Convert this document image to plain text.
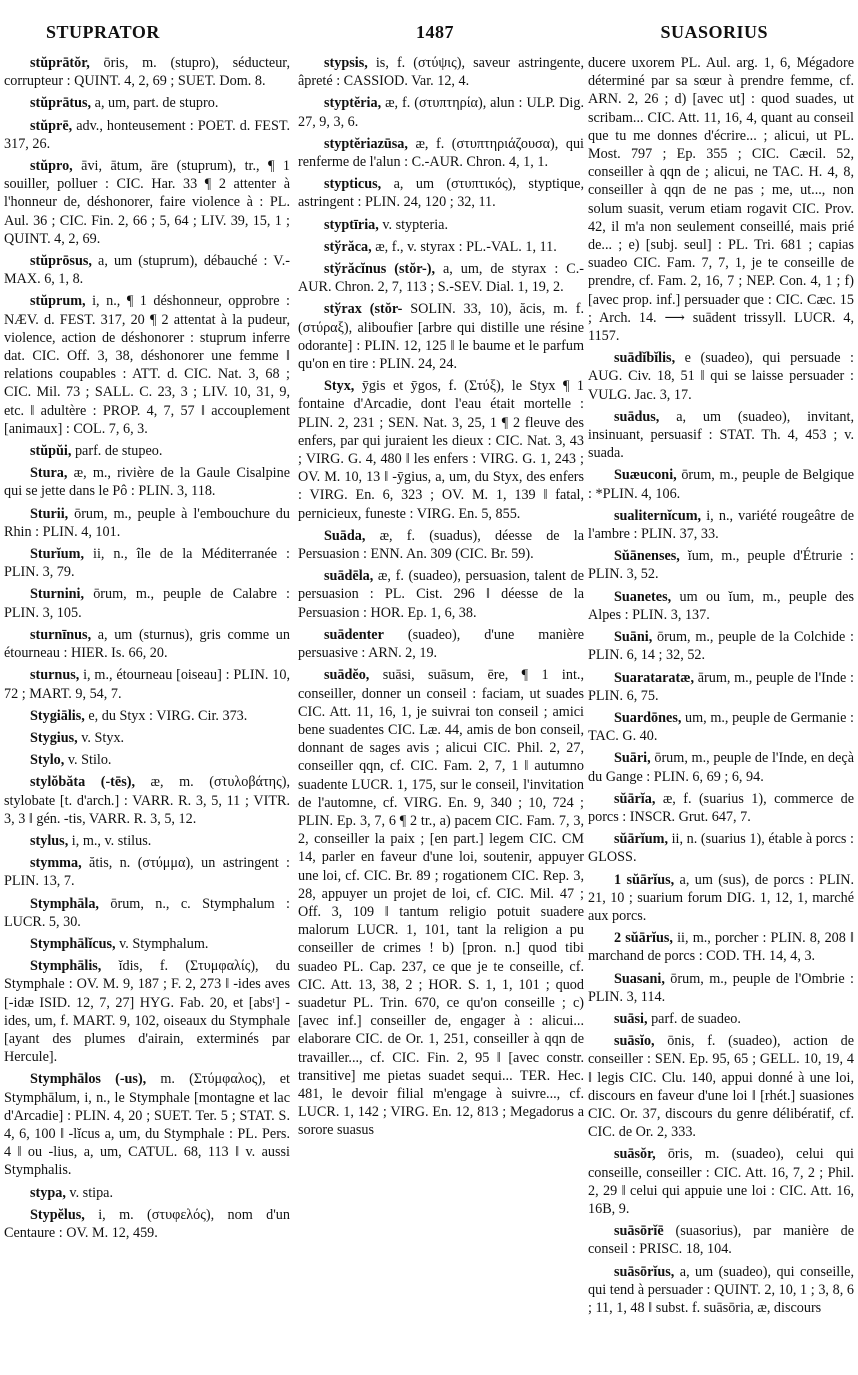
STUPRATOR	1487	SUASORIUS

stŭprātŏr, ōris, m. (stupro), séducteur, corrupteur : QUINT. 4, 2, 69 ; SUET. Dom. 8.

stŭprātus, a, um, part. de stupro.

stŭprē, adv., honteusement : POET. d. FEST. 317, 26.

stŭpro, āvi, ātum, āre (stuprum), tr., ¶ 1 souiller, polluer : CIC. Har. 33 ¶ 2 attenter à l'honneur de, déshonorer, faire violence à : PL. Aul. 36 ; CIC. Fin. 2, 66 ; 5, 64 ; LIV. 39, 15, 1 ; QUINT. 4, 2, 69.

stŭprōsus, a, um (stuprum), débauché : V.-MAX. 6, 1, 8.

stŭprum, i, n., ¶ 1 déshonneur, opprobre : NÆV. d. FEST. 317, 20 ¶ 2 attentat à la pudeur, violence, action de déshonorer : stuprum inferre dat. CIC. Off. 3, 38, déshonorer une femme ‖ relations coupables : ATT. d. CIC. Nat. 3, 68 ; CIC. Mil. 73 ; SALL. C. 23, 3 ; LIV. 10, 31, 9, etc. ‖ adultère : PROP. 4, 7, 57 ‖ accouplement [animaux] : COL. 7, 6, 3.

stŭpŭi, parf. de stupeo.

Stura, æ, m., rivière de la Gaule Cisalpine qui se jette dans le Pô : PLIN. 3, 118.

Sturii, ōrum, m., peuple à l'embouchure du Rhin : PLIN. 4, 101.

Sturĭum, ii, n., île de la Méditerranée : PLIN. 3, 79.

Sturnini, ōrum, m., peuple de Calabre : PLIN. 3, 105.

sturnīnus, a, um (sturnus), gris comme un étourneau : HIER. Is. 66, 20.

sturnus, i, m., étourneau [oiseau] : PLIN. 10, 72 ; MART. 9, 54, 7.

Stygiālis, e, du Styx : VIRG. Cir. 373.

Stygius, v. Styx.

Stylo, v. Stilo.

stylŏbăta (-tēs), æ, m. (στυλοβάτης), stylobate [t. d'arch.] : VARR. R. 3, 5, 11 ; VITR. 3, 3 ‖ gén. -tis, VARR. R. 3, 5, 12.

stylus, i, m., v. stilus.

stymma, ătis, n. (στύμμα), un astringent : PLIN. 13, 7.

Stymphāla, ōrum, n., c. Stymphalum : LUCR. 5, 30.

Stymphālĭcus, v. Stymphalum.

Stymphālis, ĭdis, f. (Στυμφαλίς), du Stymphale : OV. M. 9, 187 ; F. 2, 273 ‖ -ides aves [-idæ ISID. 12, 7, 27] HYG. Fab. 20, et [absᵗ] -ides, um, f. MART. 9, 102, oiseaux du Stymphale [ayant des plumes d'airain, exterminés par Hercule].

Stymphālos (-us), m. (Στύμφαλος), et Stymphālum, i, n., le Stymphale [montagne et lac d'Arcadie] : PLIN. 4, 20 ; SUET. Ter. 5 ; STAT. S. 4, 6, 100 ‖ -lĭcus a, um, du Stymphale : PL. Pers. 4 ‖ ou -lius, a, um, CATUL. 68, 113 ‖ v. aussi Stymphalis.

stypa, v. stipa.

Stypĕlus, i, m. (στυφελός), nom d'un Centaure : OV. M. 12, 459.

stypsis, is, f. (στύψις), saveur astringente, âpreté : CASSIOD. Var. 12, 4.

styptĕria, æ, f. (στυπτηρία), alun : ULP. Dig. 27, 9, 3, 6.

styptĕriazūsa, æ, f. (στυπτηριάζουσα), qui renferme de l'alun : C.-AUR. Chron. 4, 1, 1.

stypticus, a, um (στυπτικός), styptique, astringent : PLIN. 24, 120 ; 32, 11.

styptīria, v. stypteria.

stўrăca, æ, f., v. styrax : PL.-VAL. 1, 11.

stўrăcĭnus (stŏr-), a, um, de styrax : C.-AUR. Chron. 2, 7, 113 ; S.-SEV. Dial. 1, 19, 2.

stўrax (stŏr- SOLIN. 33, 10), ăcis, m. f. (στύραξ), aliboufier [arbre qui distille une résine odorante] : PLIN. 12, 125 ‖ le baume et le parfum qu'on en tire : PLIN. 24, 24.

Styx, ȳgis et ȳgos, f. (Στύξ), le Styx ¶ 1 fontaine d'Arcadie, dont l'eau était mortelle : PLIN. 2, 231 ; SEN. Nat. 3, 25, 1 ¶ 2 fleuve des enfers, par qui juraient les dieux : CIC. Nat. 3, 43 ; VIRG. G. 4, 480 ‖ les enfers : VIRG. G. 1, 243 ; OV. M. 10, 13 ‖ -ȳgius, a, um, du Styx, des enfers : VIRG. En. 6, 323 ; OV. M. 1, 139 ‖ fatal, pernicieux, funeste : VIRG. En. 5, 855.

Suāda, æ, f. (suadus), déesse de la Persuasion : ENN. An. 309 (CIC. Br. 59).

suādēla, æ, f. (suadeo), persuasion, talent de persuasion : PL. Cist. 296 ‖ déesse de la Persuasion : HOR. Ep. 1, 6, 38.

suādenter (suadeo), d'une manière persuasive : ARN. 2, 19.

suādĕo, suāsi, suāsum, ēre, ¶ 1 int., conseiller, donner un conseil : faciam, ut suades CIC. Att. 11, 16, 1, je suivrai ton conseil ; amici bene suadentes CIC. Læ. 44, amis de bon conseil, donnant de sages avis ; alicui CIC. Phil. 2, 27, conseiller qqn, cf. CIC. Fam. 2, 7, 1 ‖ autumno suadente LUCR. 1, 175, sur le conseil, l'invitation de l'automne, cf. VIRG. En. 9, 340 ; 10, 724 ; PLIN. Ep. 3, 7, 6 ¶ 2 tr., a) pacem CIC. Fam. 7, 3, 2, conseiller la paix ; [en part.] legem CIC. CM 14, parler en faveur d'une loi, soutenir, appuyer une loi, cf. CIC. Br. 89 ; rogationem CIC. Rep. 3, 28, appuyer un projet de loi, cf. CIC. Mil. 47 ; Off. 3, 109 ‖ tantum religio potuit suadere malorum LUCR. 1, 101, tant la religion a pu conseiller de crimes ! b) [pron. n.] quod tibi suadeo PL. Cap. 237, ce que je te conseille, cf. CIC. Att. 13, 38, 2 ; HOR. S. 1, 1, 101 ; quod suadetur PL. Trin. 670, ce qu'on conseille ; c) [avec inf.] conseiller de, engager à : alicui... elaborare CIC. de Or. 1, 251, conseiller à qqn de travailler..., cf. CIC. Fin. 2, 95 ‖ [avec constr. transitive] me pietas suadet sequi... TER. Hec. 481, le devoir filial m'engage à suivre..., cf. LUCR. 1, 142 ; VIRG. En. 12, 813 ; Megadorus a sorore suasus

ducere uxorem PL. Aul. arg. 1, 6, Mégadore déterminé par sa sœur à prendre femme, cf. ARN. 2, 26 ; d) [avec ut] : quod suades, ut scribam... CIC. Att. 11, 16, 4, quant au conseil que tu me donnes d'écrire... ; alicui, ut PL. Most. 797 ; Ep. 355 ; CIC. Cæcil. 52, conseiller à qqn de ; alicui, ne TAC. H. 4, 8, conseiller à qqn de ne pas ; me, ut..., non solum suasit, verum etiam rogavit CIC. Prov. 42, il m'a non seulement conseillé, mais prié de... ; e) [subj. seul] : PL. Tri. 681 ; capias suadeo CIC. Fam. 7, 7, 1, je te conseille de prendre, cf. Fam. 2, 16, 7 ; NEP. Con. 4, 1 ; f) [avec prop. inf.] persuader que : CIC. Cæc. 15 ; Arch. 14. ⟶ suādent trissyll. LUCR. 4, 1157.

suādĭbĭlis, e (suadeo), qui persuade : AUG. Civ. 18, 51 ‖ qui se laisse persuader : VULG. Jac. 3, 17.

suādus, a, um (suadeo), invitant, insinuant, persuasif : STAT. Th. 4, 453 ; v. suada.

Suæuconi, ōrum, m., peuple de Belgique : *PLIN. 4, 106.

sualiternĭcum, i, n., variété rougeâtre de l'ambre : PLIN. 37, 33.

Sŭānenses, ĭum, m., peuple d'Étrurie : PLIN. 3, 52.

Suanetes, um ou ĭum, m., peuple des Alpes : PLIN. 3, 137.

Suāni, ōrum, m., peuple de la Colchide : PLIN. 6, 14 ; 32, 52.

Suarataratæ, ārum, m., peuple de l'Inde : PLIN. 6, 75.

Suardōnes, um, m., peuple de Germanie : TAC. G. 40.

Suāri, ōrum, m., peuple de l'Inde, en deçà du Gange : PLIN. 6, 69 ; 6, 94.

sŭārĭa, æ, f. (suarius 1), commerce de porcs : INSCR. Grut. 647, 7.

sŭārĭum, ii, n. (suarius 1), étable à porcs : GLOSS.

1 sŭārĭus, a, um (sus), de porcs : PLIN. 21, 10 ; suarium forum DIG. 1, 12, 1, marché aux porcs.

2 sŭārĭus, ii, m., porcher : PLIN. 8, 208 ‖ marchand de porcs : COD. TH. 14, 4, 3.

Suasani, ōrum, m., peuple de l'Ombrie : PLIN. 3, 114.

suāsi, parf. de suadeo.

suāsĭo, ōnis, f. (suadeo), action de conseiller : SEN. Ep. 95, 65 ; GELL. 10, 19, 4 ‖ legis CIC. Clu. 140, appui donné à une loi, discours en faveur d'une loi ‖ [rhét.] suasiones CIC. Or. 37, discours du genre délibératif, cf. CIC. de Or. 2, 333.

suāsŏr, ōris, m. (suadeo), celui qui conseille, conseiller : CIC. Att. 16, 7, 2 ; Phil. 2, 29 ‖ celui qui appuie une loi : CIC. Att. 16, 16B, 9.

suāsōrĭē (suasorius), par manière de conseil : PRISC. 18, 104.

suāsōrĭus, a, um (suadeo), qui conseille, qui tend à persuader : QUINT. 2, 10, 1 ; 3, 8, 6 ; 11, 1, 48 ‖ subst. f. suāsōria, æ, discours
